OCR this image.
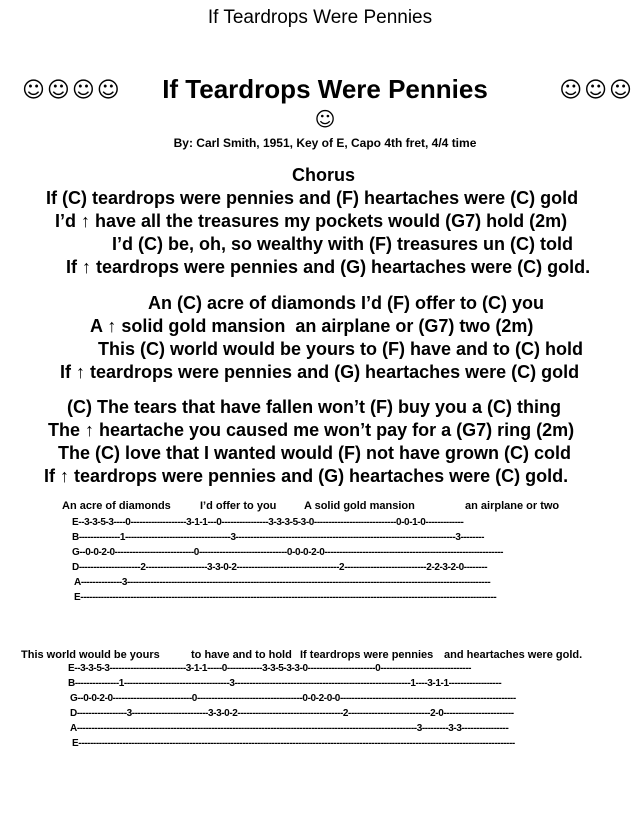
If Teardrops Were Pennies
☺☺☺☺	If Teardrops Were Pennies	☺☺☺
☺
By: Carl Smith, 1951, Key of E, Capo 4th fret, 4/4 time

Chorus

If (C) teardrops were pennies and (F) heartaches were (C) gold

I’d ↑ have all the treasures my pockets would (G7) hold (2m)

I’d (C) be, oh, so wealthy with (F) treasures un (C) told

If ↑ teardrops were pennies and (G) heartaches were (C) gold.

An (C) acre of diamonds I’d (F) offer to (C) you

A ↑ solid gold mansion  an airplane or (G7) two (2m)

This (C) world would be yours to (F) have and to (C) hold

If ↑ teardrops were pennies and (G) heartaches were (C) gold

(C) The tears that have fallen won’t (F) buy you a (C) thing

The ↑ heartache you caused me won’t pay for a (G7) ring (2m)

The (C) love that I wanted would (F) not have grown (C) cold

If ↑ teardrops were pennies and (G) heartaches were (C) gold.

An acre of diamonds	I’d offer to you	A solid gold mansion	an airplane or two
E--3-3-5-3----0-------------------3-1-1---0----------------3-3-3-5-3-0----------------------------0-0-1-0-------------
B--------------1------------------------------------3---------------------------------------------------------------------------3--------
G--0-0-2-0---------------------------0------------------------------0-0-0-2-0-------------------------------------------------------------
D---------------------2---------------------3-3-0-2-----------------------------------2----------------------------2-2-3-2-0--------
A--------------3----------------------------------------------------------------------------------------------------------------------------
E----------------------------------------------------------------------------------------------------------------------------------------------
This world would be yours	to have and to hold If teardrops were pennies and heartaches were gold.
E--3-3-5-3--------------------------3-1-1-----0------------3-3-5-3-3-0-----------------------0-------------------------------
B---------------1------------------------------------3------------------------------------------------------------1----3-1-1------------------
G--0-0-2-0---------------------------0------------------------------------0-0-2-0-0------------------------------------------------------------
D-----------------3--------------------------3-3-0-2------------------------------------2----------------------------2-0------------------------
A--------------------------------------------------------------------------------------------------------------------3---------3-3----------------
E-----------------------------------------------------------------------------------------------------------------------------------------------------
